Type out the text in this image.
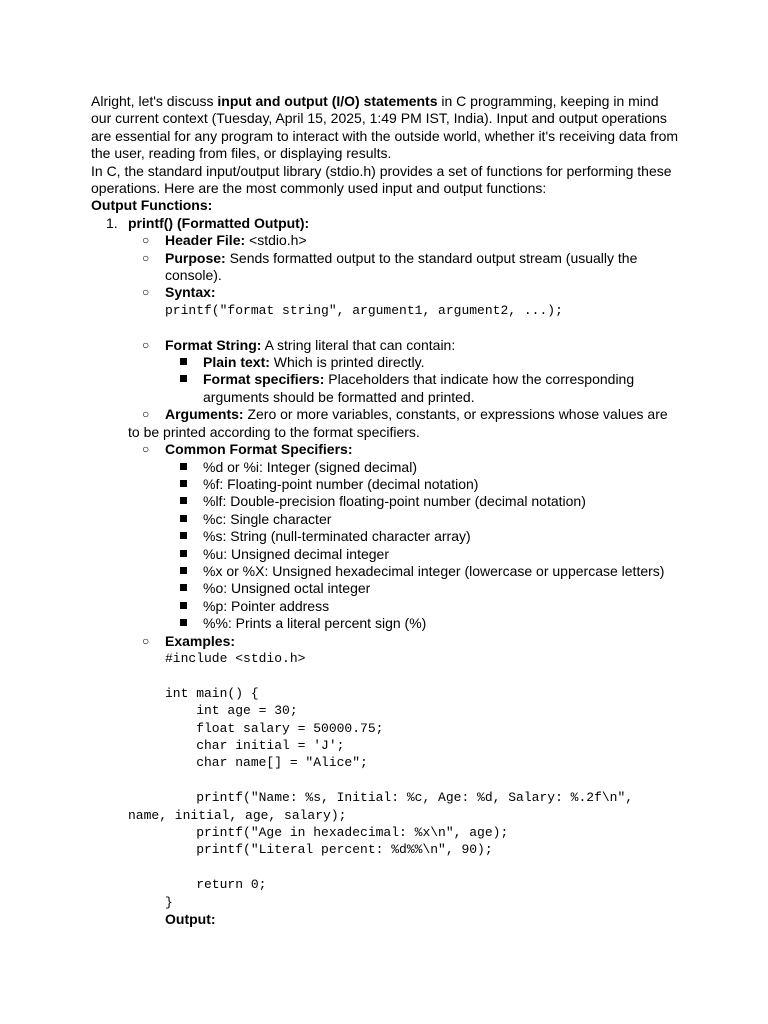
Alright, let's discuss input and output (I/O) statements in C programming, keeping in mind our current context (Tuesday, April 15, 2025, 1:49 PM IST, India). Input and output operations are essential for any program to interact with the outside world, whether it's receiving data from the user, reading from files, or displaying results.

In C, the standard input/output library (stdio.h) provides a set of functions for performing these operations. Here are the most commonly used input and output functions:

Output Functions:

1. printf() (Formatted Output):
○ Header File: <stdio.h>
○ Purpose: Sends formatted output to the standard output stream (usually the console).
○ Syntax:
printf("format string", argument1, argument2, ...);
○ Format String: A string literal that can contain:
Plain text: Which is printed directly.
Format specifiers: Placeholders that indicate how the corresponding arguments should be formatted and printed.
○	Arguments: Zero or more variables, constants, or expressions whose values are to be printed according to the format specifiers.
○ Common Format Specifiers:
%d or %i: Integer (signed decimal)
%f: Floating-point number (decimal notation)
%lf: Double-precision floating-point number (decimal notation)
%c: Single character
%s: String (null-terminated character array)
%u: Unsigned decimal integer
%x or %X: Unsigned hexadecimal integer (lowercase or uppercase letters)
%o: Unsigned octal integer
%p: Pointer address
%%: Prints a literal percent sign (%)
○ Examples:
#include <stdio.h>

int main() {
int age = 30;
float salary = 50000.75;
char initial = 'J';
char name[] = "Alice";

printf("Name: %s, Initial: %c, Age: %d, Salary: %.2f\n",
name, initial, age, salary);
printf("Age in hexadecimal: %x\n", age);
printf("Literal percent: %d%%\n", 90);

return 0;
}
Output:
